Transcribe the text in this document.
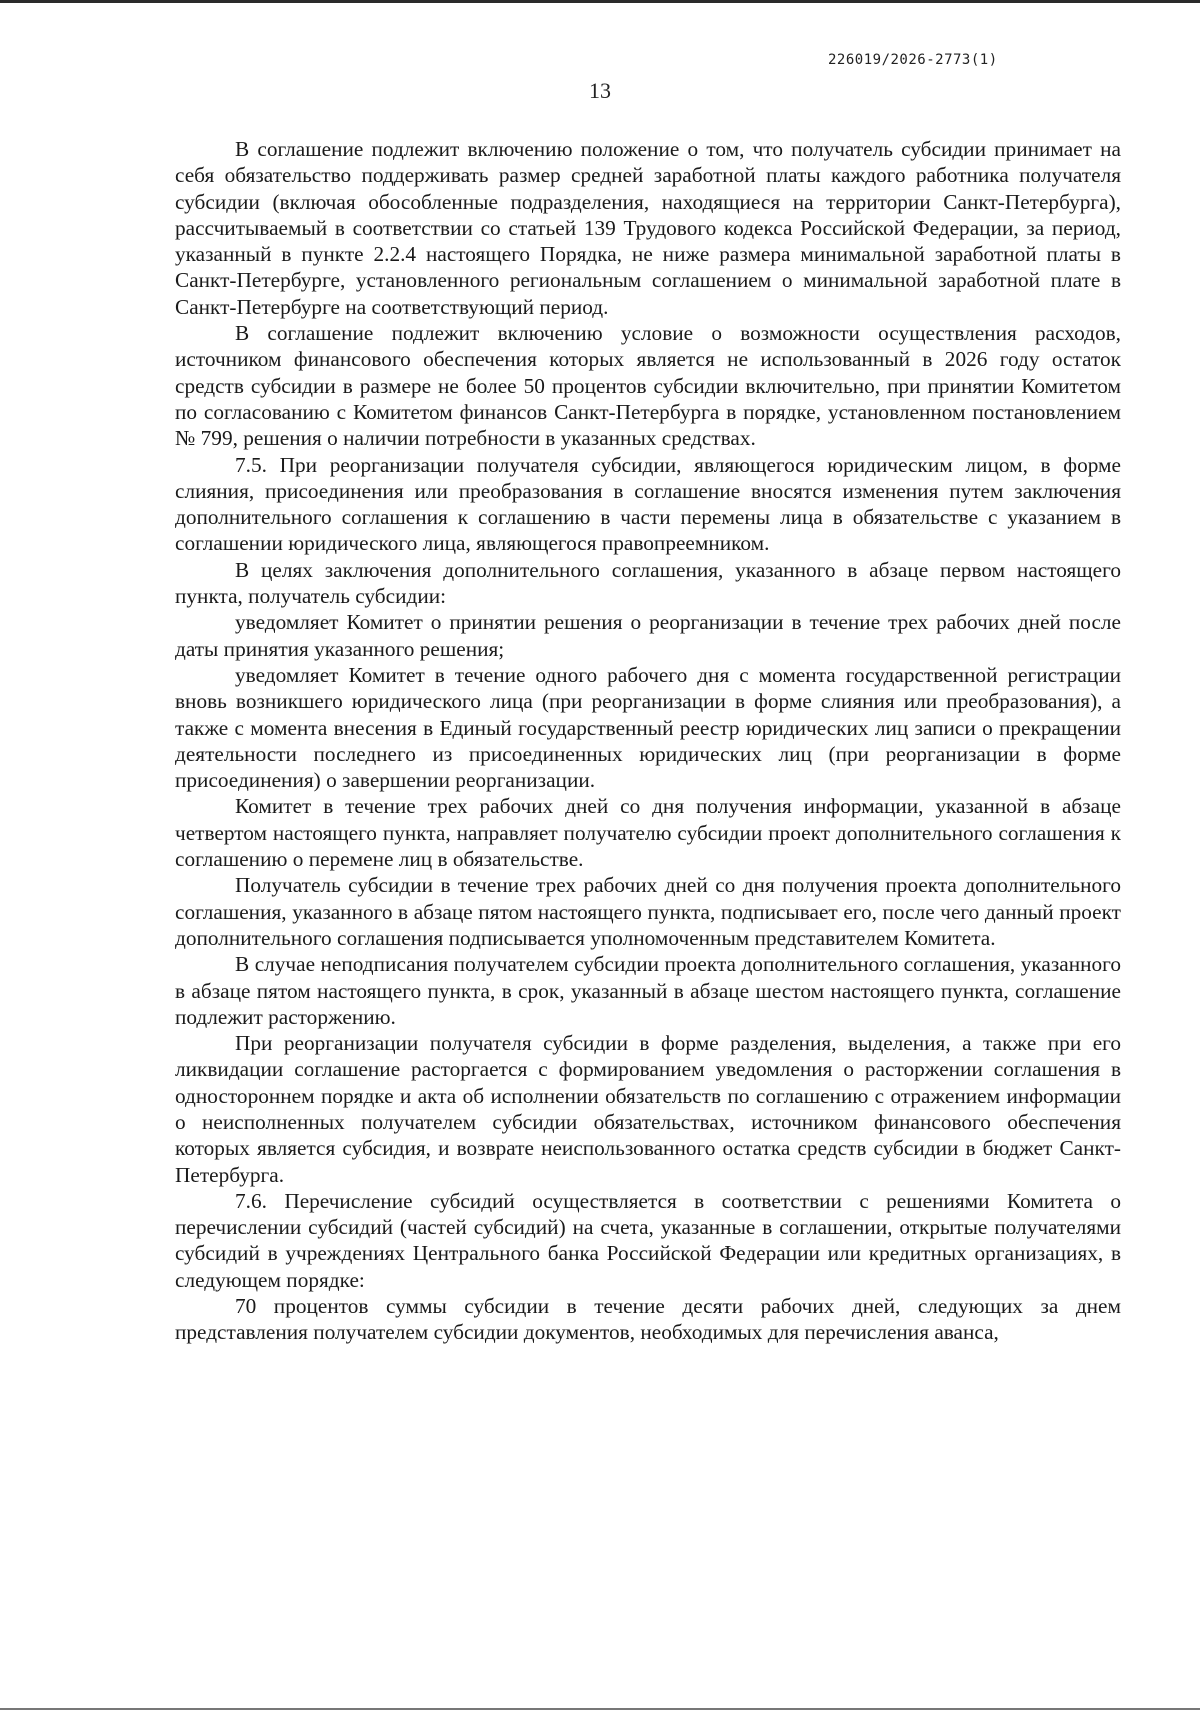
226019/2026-2773(1)
13

В соглашение подлежит включению положение о том, что получатель субсидии принимает на себя обязательство поддерживать размер средней заработной платы каждого работника получателя субсидии (включая обособленные подразделения, находящиеся на территории Санкт-Петербурга), рассчитываемый в соответствии со статьей 139 Трудового кодекса Российской Федерации, за период, указанный в пункте 2.2.4 настоящего Порядка, не ниже размера минимальной заработной платы в Санкт-Петербурге, установленного региональным соглашением о минимальной заработной плате в Санкт-Петербурге на соответствующий период.

В соглашение подлежит включению условие о возможности осуществления расходов, источником финансового обеспечения которых является не использованный в 2026 году остаток средств субсидии в размере не более 50 процентов субсидии включительно, при принятии Комитетом по согласованию с Комитетом финансов Санкт-Петербурга в порядке, установленном постановлением № 799, решения о наличии потребности в указанных средствах.

7.5. При реорганизации получателя субсидии, являющегося юридическим лицом, в форме слияния, присоединения или преобразования в соглашение вносятся изменения путем заключения дополнительного соглашения к соглашению в части перемены лица в обязательстве с указанием в соглашении юридического лица, являющегося правопреемником.

В целях заключения дополнительного соглашения, указанного в абзаце первом настоящего пункта, получатель субсидии:

уведомляет Комитет о принятии решения о реорганизации в течение трех рабочих дней после даты принятия указанного решения;

уведомляет Комитет в течение одного рабочего дня с момента государственной регистрации вновь возникшего юридического лица (при реорганизации в форме слияния или преобразования), а также с момента внесения в Единый государственный реестр юридических лиц записи о прекращении деятельности последнего из присоединенных юридических лиц (при реорганизации в форме присоединения) о завершении реорганизации.

Комитет в течение трех рабочих дней со дня получения информации, указанной в абзаце четвертом настоящего пункта, направляет получателю субсидии проект дополнительного соглашения к соглашению о перемене лиц в обязательстве.

Получатель субсидии в течение трех рабочих дней со дня получения проекта дополнительного соглашения, указанного в абзаце пятом настоящего пункта, подписывает его, после чего данный проект дополнительного соглашения подписывается уполномоченным представителем Комитета.

В случае неподписания получателем субсидии проекта дополнительного соглашения, указанного в абзаце пятом настоящего пункта, в срок, указанный в абзаце шестом настоящего пункта, соглашение подлежит расторжению.

При реорганизации получателя субсидии в форме разделения, выделения, а также при его ликвидации соглашение расторгается с формированием уведомления о расторжении соглашения в одностороннем порядке и акта об исполнении обязательств по соглашению с отражением информации о неисполненных получателем субсидии обязательствах, источником финансового обеспечения которых является субсидия, и возврате неиспользованного остатка средств субсидии в бюджет Санкт-Петербурга.

7.6. Перечисление субсидий осуществляется в соответствии с решениями Комитета о перечислении субсидий (частей субсидий) на счета, указанные в соглашении, открытые получателями субсидий в учреждениях Центрального банка Российской Федерации или кредитных организациях, в следующем порядке:

70 процентов суммы субсидии в течение десяти рабочих дней, следующих за днем представления получателем субсидии документов, необходимых для перечисления аванса,
